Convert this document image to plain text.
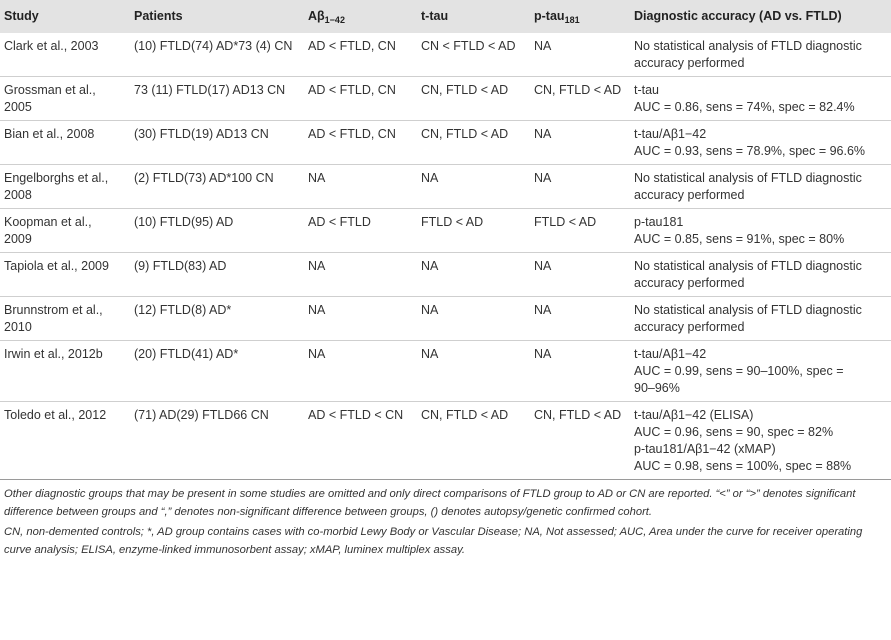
Study	Patients	$A\beta_{1-42}$	t-tau	p-tau$_{181}$	Diagnostic accuracy (AD vs. FTLD)

Clark et al., 2003	(10) FTLD(74) AD*73 (4) CN	AD < FTLD, CN	CN < FTLD < AD	NA	No statistical analysis of FTLD diagnostic
accuracy performed

Grossman et al.,
2005	73 (11) FTLD(17) AD13 CN	AD < FTLD, CN	CN, FTLD < AD	CN, FTLD < AD	t-tau
AUC = 0.86, sens = 74%, spec = 82.4%

Bian et al., 2008	(30) FTLD(19) AD13 CN	AD < FTLD, CN	CN, FTLD < AD	NA	t-tau/Aβ1−42
AUC = 0.93, sens = 78.9%, spec = 96.6%

Engelborghs et al.,
2008	(2) FTLD(73) AD*100 CN	NA	NA	NA	No statistical analysis of FTLD diagnostic
accuracy performed

Koopman et al.,
2009	(10) FTLD(95) AD	AD < FTLD	FTLD < AD	FTLD < AD	p-tau181
AUC = 0.85, sens = 91%, spec = 80%

Tapiola et al., 2009	(9) FTLD(83) AD	NA	NA	NA	No statistical analysis of FTLD diagnostic
accuracy performed

Brunnstrom et al.,
2010	(12) FTLD(8) AD*	NA	NA	NA	No statistical analysis of FTLD diagnostic
accuracy performed

Irwin et al., 2012b	(20) FTLD(41) AD*	NA	NA	NA	t-tau/Aβ1−42
AUC = 0.99, sens = 90–100%, spec =
90–96%

Toledo et al., 2012	(71) AD(29) FTLD66 CN	AD < FTLD < CN	CN, FTLD < AD	CN, FTLD < AD	t-tau/Aβ1−42 (ELISA)
AUC = 0.96, sens = 90, spec = 82%
p-tau181/Aβ1−42 (xMAP)
AUC = 0.98, sens = 100%, spec = 88%

Other diagnostic groups that may be present in some studies are omitted and only direct comparisons of FTLD group to AD or CN are reported. “<” or “>” denotes significant difference between groups and “,” denotes non-significant difference between groups, () denotes autopsy/genetic confirmed cohort.

CN, non-demented controls; *, AD group contains cases with co-morbid Lewy Body or Vascular Disease; NA, Not assessed; AUC, Area under the curve for receiver operating curve analysis; ELISA, enzyme-linked immunosorbent assay; xMAP, luminex multiplex assay.
